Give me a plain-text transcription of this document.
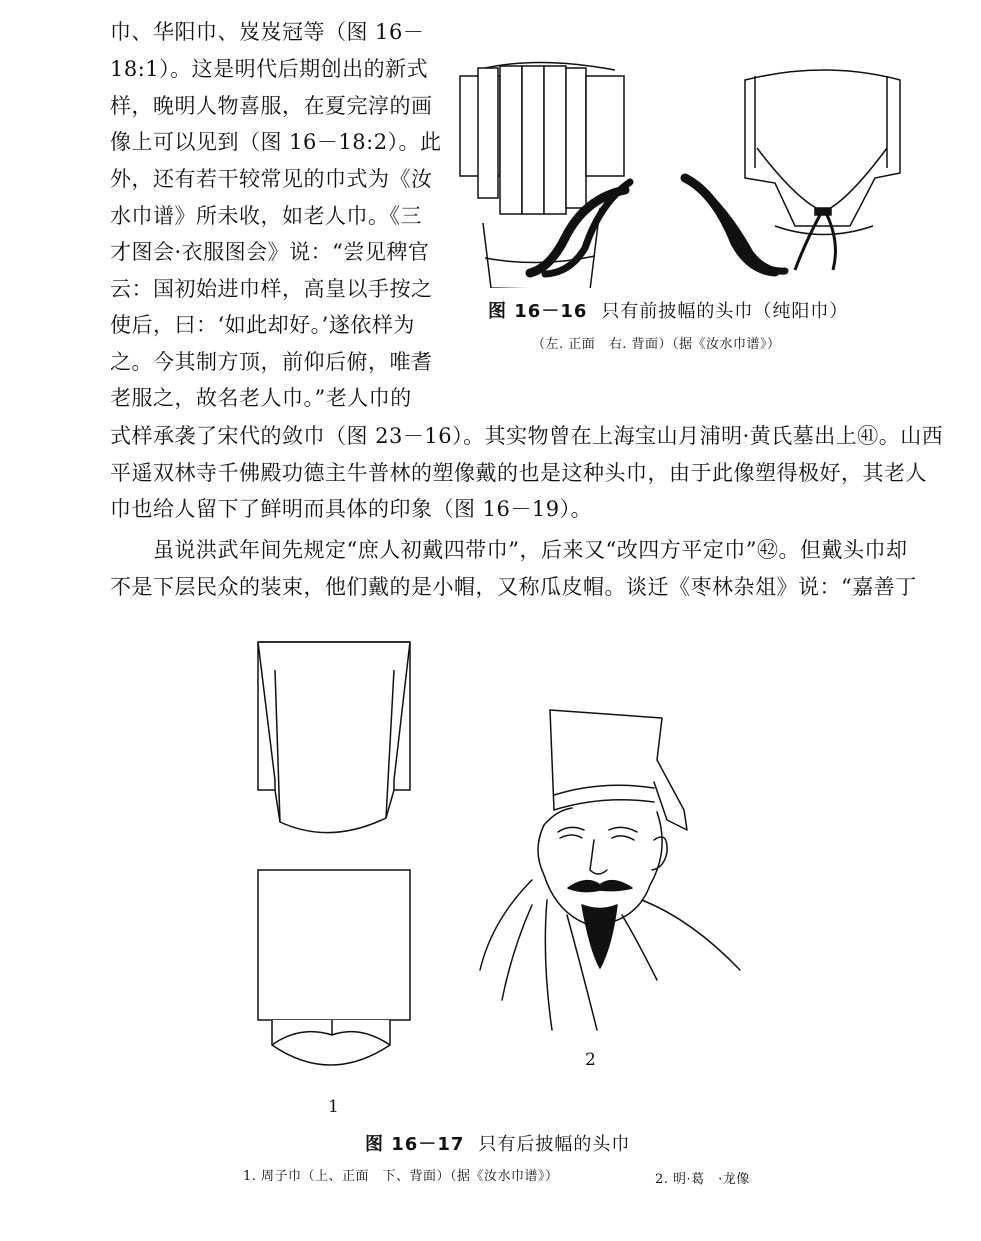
巾、华阳巾、岌岌冠等（图 16－
18:1）。这是明代后期创出的新式
样，晚明人物喜服，在夏完淳的画
像上可以见到（图 16－18:2）。此
外，还有若干较常见的巾式为《汝
水巾谱》所未收，如老人巾。《三
才图会·衣服图会》说：“尝见稗官
云：国初始进巾样，高皇以手按之
使后，曰：‘如此却好。’遂依样为
之。今其制方顶，前仰后俯，唯耆
老服之，故名老人巾。”老人巾的
式样承袭了宋代的敛巾（图 23－16）。其实物曾在上海宝山月浦明·黄氏墓出上㊶。山西
平遥双林寺千佛殿功德主牛普林的塑像戴的也是这种头巾，由于此像塑得极好，其老人
巾也给人留下了鲜明而具体的印象（图 16－19）。
　　虽说洪武年间先规定“庶人初戴四带巾”，后来又“改四方平定巾”㊷。但戴头巾却
不是下层民众的装束，他们戴的是小帽，又称瓜皮帽。谈迁《枣林杂俎》说：“嘉善丁
图 16－16 只有前披幅的头巾（纯阳巾）
（左. 正面　右. 背面）（据《汝水巾谱》）
1
2
图 16－17 只有后披幅的头巾
1. 周子巾（上、正面　下、背面）（据《汝水巾谱》）	2. 明·葛　·龙像
